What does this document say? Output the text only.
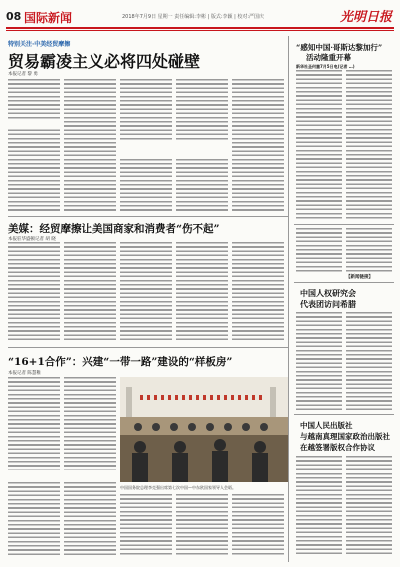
08 国际新闻	2018年7月9日 星期一 责任编辑:李彬 | 版式:李颖 | 校对:严国庆	光明日报
特别关注·中美经贸摩擦
贸易霸凌主义必将四处碰壁
本报记者 黎 勇
“感知中国·哥斯达黎加行”
活动隆重开幕
新华社圣何塞7月5日电(记者 …)
美媒：经贸摩擦让美国商家和消费者“伤不起”
本报驻华盛顿记者 胡 晓
【新闻链接】
中国人权研究会
代表团访问希腊
“16+1合作”：兴建“一带一路”建设的“样板房”
本报记者 陈慧稚
中国国务院总理李克强出席第七次中国—中东欧国家领导人会晤。
中国人民出版社
与越南真理国家政治出版社
在越签署版权合作协议
